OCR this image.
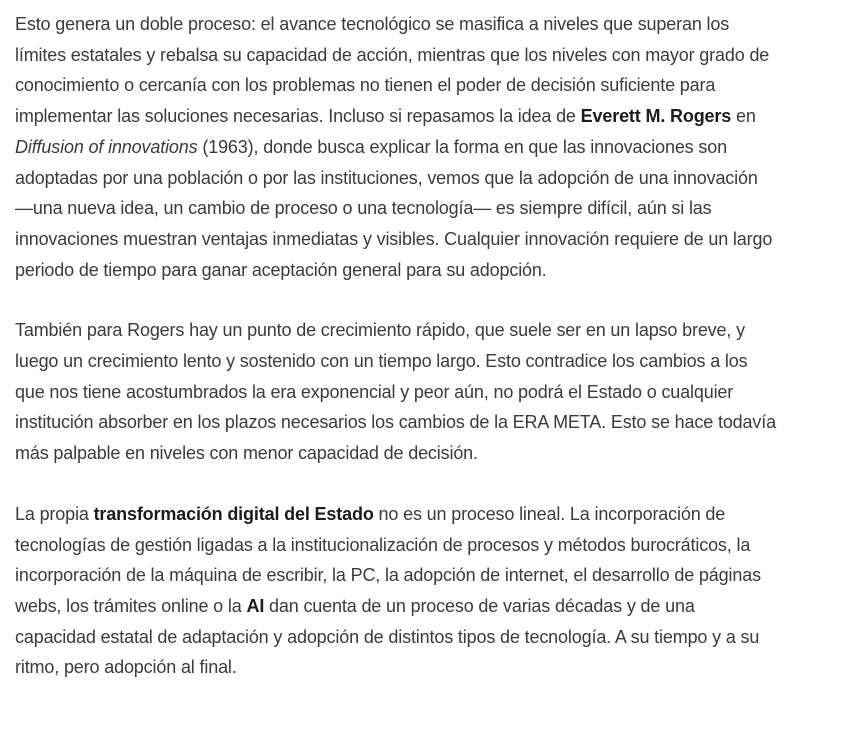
Esto genera un doble proceso: el avance tecnológico se masifica a niveles que superan los límites estatales y rebalsa su capacidad de acción, mientras que los niveles con mayor grado de conocimiento o cercanía con los problemas no tienen el poder de decisión suficiente para implementar las soluciones necesarias. Incluso si repasamos la idea de Everett M. Rogers en Diffusion of innovations (1963), donde busca explicar la forma en que las innovaciones son adoptadas por una población o por las instituciones, vemos que la adopción de una innovación —una nueva idea, un cambio de proceso o una tecnología— es siempre difícil, aún si las innovaciones muestran ventajas inmediatas y visibles. Cualquier innovación requiere de un largo periodo de tiempo para ganar aceptación general para su adopción.

También para Rogers hay un punto de crecimiento rápido, que suele ser en un lapso breve, y luego un crecimiento lento y sostenido con un tiempo largo. Esto contradice los cambios a los que nos tiene acostumbrados la era exponencial y peor aún, no podrá el Estado o cualquier institución absorber en los plazos necesarios los cambios de la ERA META. Esto se hace todavía más palpable en niveles con menor capacidad de decisión.

La propia transformación digital del Estado no es un proceso lineal. La incorporación de tecnologías de gestión ligadas a la institucionalización de procesos y métodos burocráticos, la incorporación de la máquina de escribir, la PC, la adopción de internet, el desarrollo de páginas webs, los trámites online o la AI dan cuenta de un proceso de varias décadas y de una capacidad estatal de adaptación y adopción de distintos tipos de tecnología. A su tiempo y a su ritmo, pero adopción al final.
